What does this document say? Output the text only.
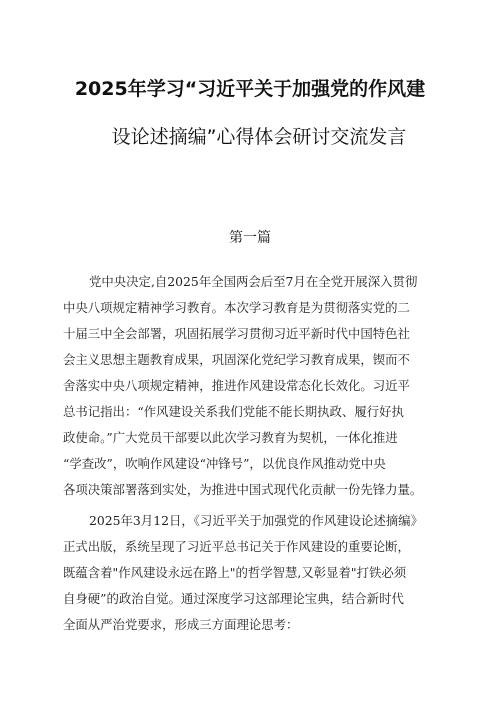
2025年学习“习近平关于加强党的作风建
设论述摘编”心得体会研讨交流发言
第一篇
党中央决定,自2025年全国两会后至7月在全党开展深入贯彻
中央八项规定精神学习教育。本次学习教育是为贯彻落实党的二
十届三中全会部署，巩固拓展学习贯彻习近平新时代中国特色社
会主义思想主题教育成果，巩固深化党纪学习教育成果，锲而不
舍落实中央八项规定精神，推进作风建设常态化长效化。习近平
总书记指出：“作风建设关系我们党能不能长期执政、履行好执
政使命。”广大党员干部要以此次学习教育为契机，一体化推进
“学查改”，吹响作风建设“冲锋号”，以优良作风推动党中央
各项决策部署落到实处，为推进中国式现代化贡献一份先锋力量。
2025年3月12日，《习近平关于加强党的作风建设论述摘编》
正式出版，系统呈现了习近平总书记关于作风建设的重要论断，
既蕴含着"作风建设永远在路上"的哲学智慧,又彰显着"打铁必须
自身硬”的政治自觉。通过深度学习这部理论宝典，结合新时代
全面从严治党要求，形成三方面理论思考：
